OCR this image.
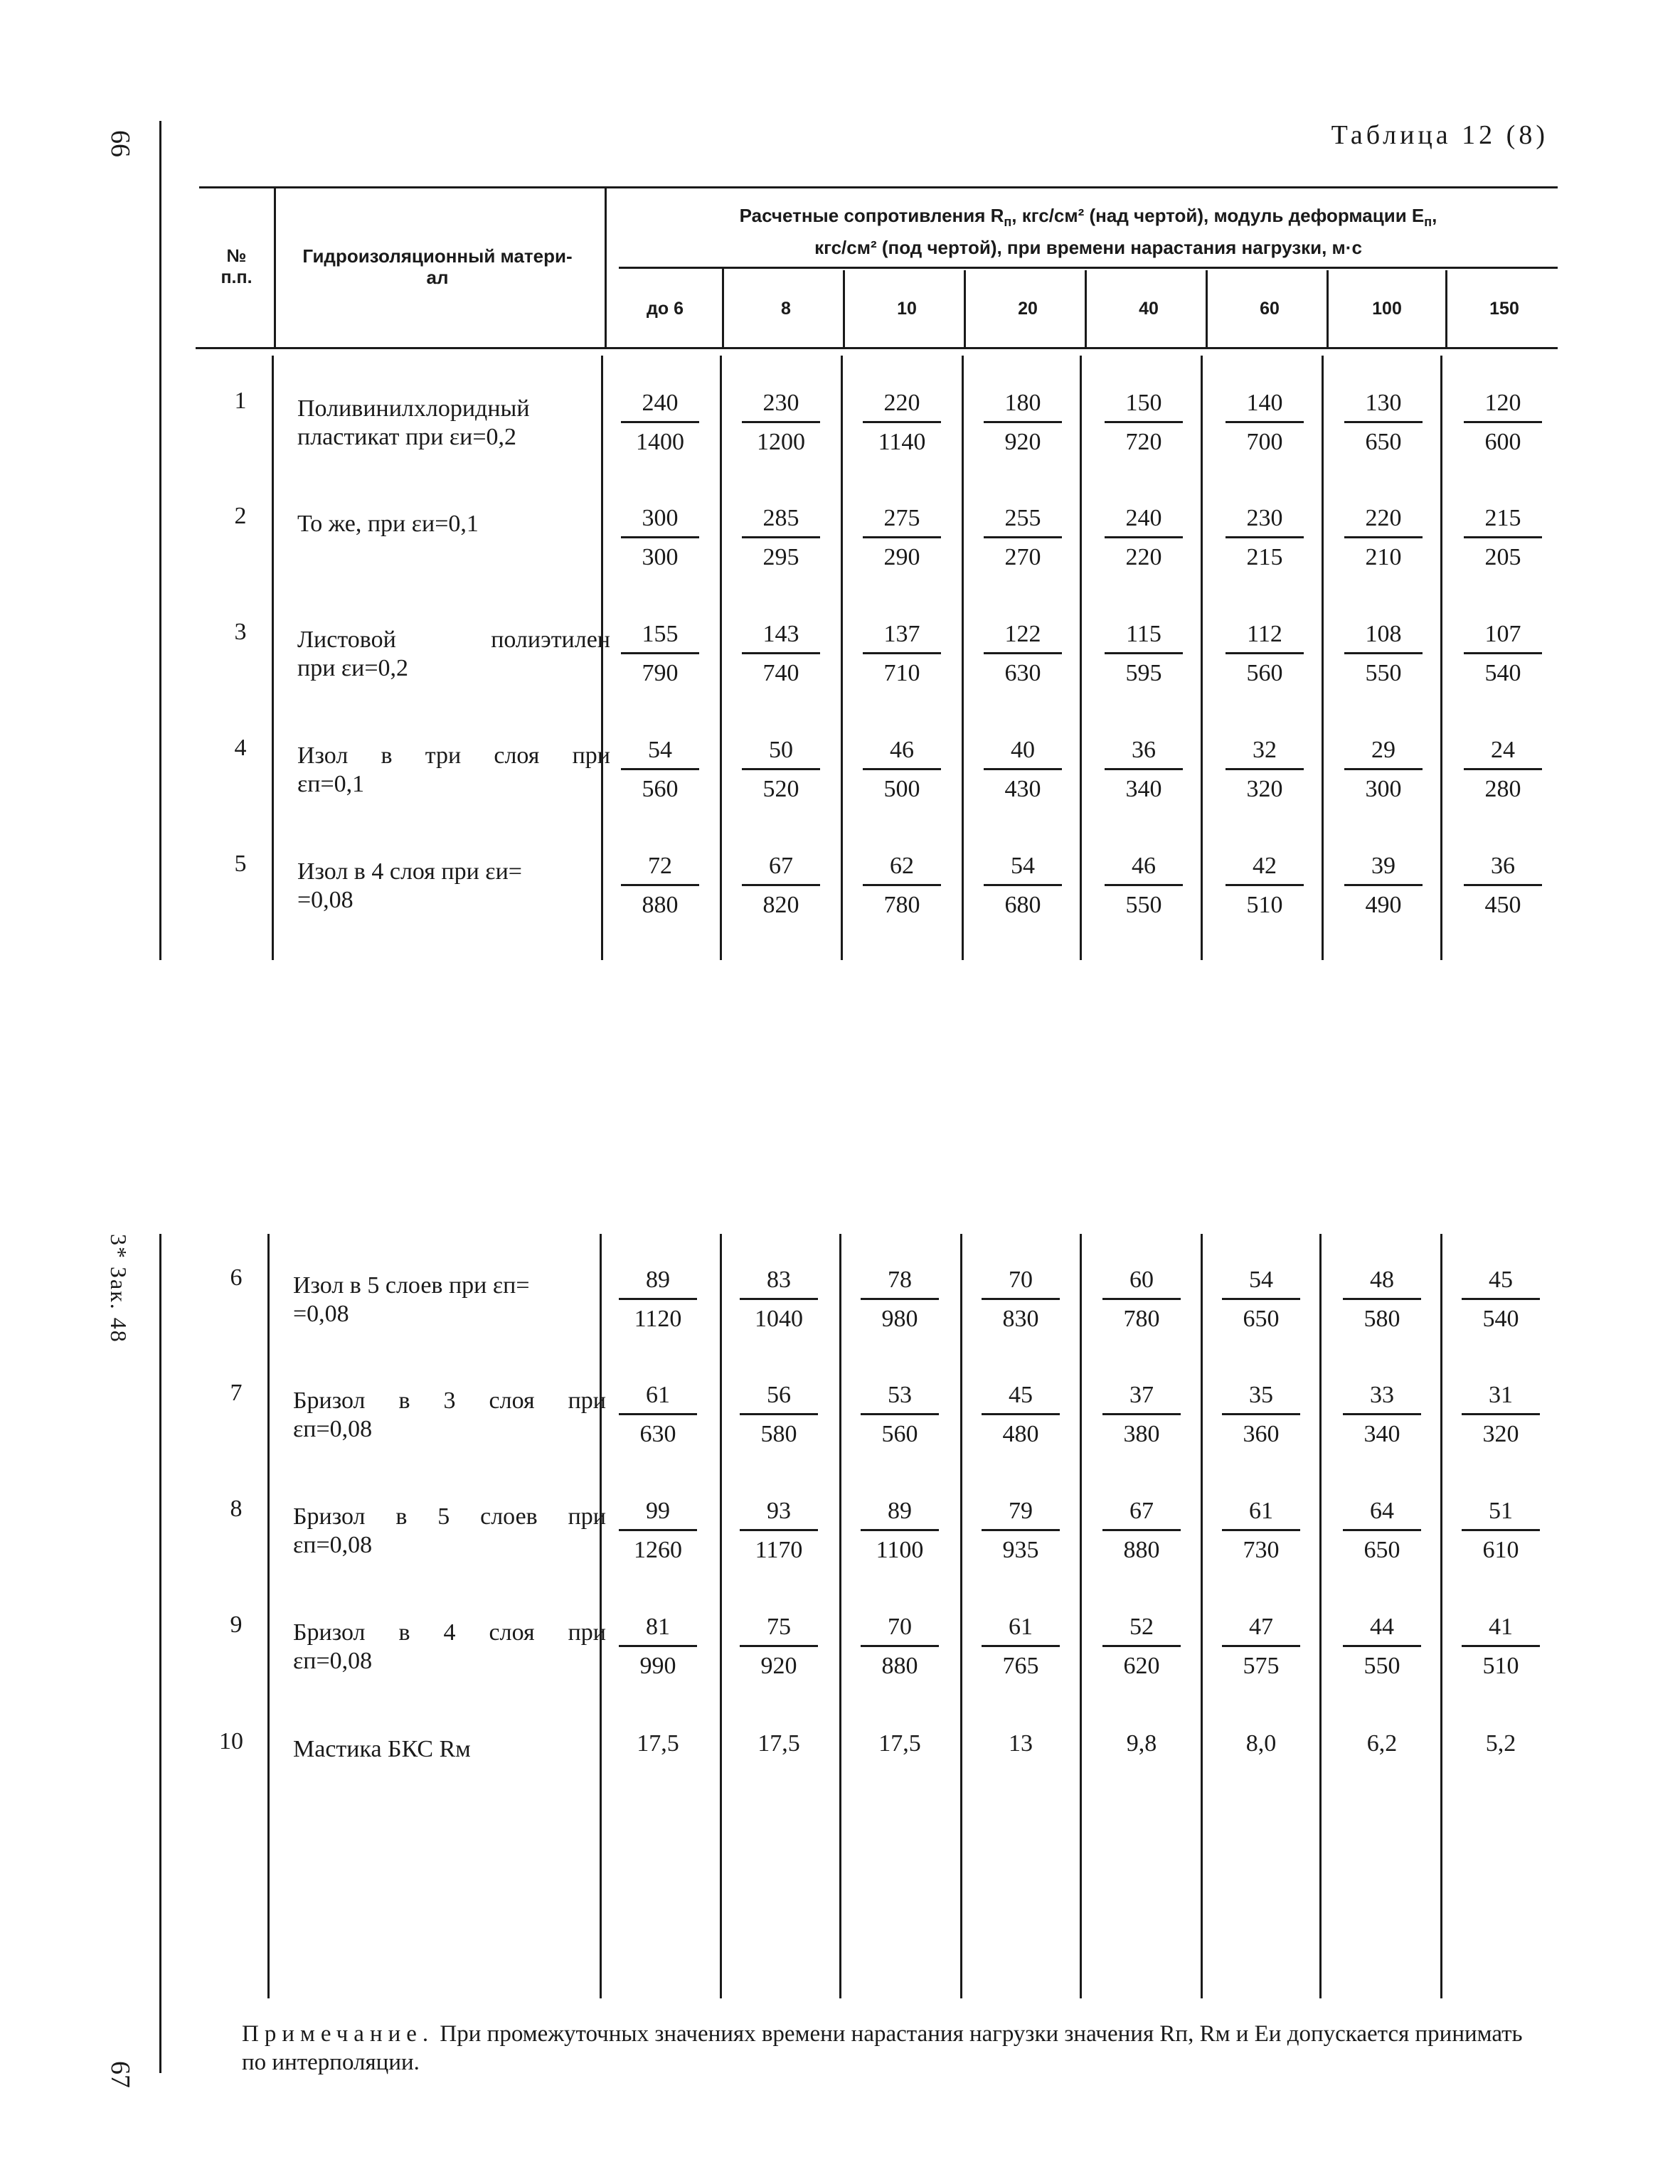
66
67
3* Зак. 48
Таблица 12 (8)
№
п.п.
Гидроизоляционный матери-
ал
Расчетные сопротивления $R_п$, кгс/см² (над чертой), модуль деформации $E_п$,
кгс/см² (под чертой), при времени нарастания нагрузки, м·с
до 6	8	10	20	40	60	100	150
1	Поливинилхлоридный
пластикат при εи=0,2	$\frac{240}{1400} \frac{230}{1200} \frac{220}{1140} \frac{180}{920} \frac{150}{720} \frac{140}{700} \frac{130}{650} \frac{120}{600}$
2	То же, при εи=0,1	$\frac{300}{300} \frac{285}{295} \frac{275}{290} \frac{255}{270} \frac{240}{220} \frac{230}{215} \frac{220}{210} \frac{215}{205}$
3	Листовой	полиэтилен
при εи=0,2	$\frac{155}{790} \frac{143}{740} \frac{137}{710} \frac{122}{630} \frac{115}{595} \frac{112}{560} \frac{108}{550} \frac{107}{540}$
4	Изол в три слоя при
εп=0,1	$\frac{54}{560} \frac{50}{520} \frac{46}{500} \frac{40}{430} \frac{36}{340} \frac{32}{320} \frac{29}{300} \frac{24}{280}$
5	Изол в 4 слоя при εи=
=0,08	$\frac{72}{880} \frac{67}{820} \frac{62}{780} \frac{54}{680} \frac{46}{550} \frac{42}{510} \frac{39}{490} \frac{36}{450}$
6	Изол в 5 слоев при εп=
=0,08	$\frac{89}{1120} \frac{83}{1040} \frac{78}{980} \frac{70}{830} \frac{60}{780} \frac{54}{650} \frac{48}{580} \frac{45}{540}$
7	Бризол в 3 слоя при
εп=0,08	$\frac{61}{630} \frac{56}{580} \frac{53}{560} \frac{45}{480} \frac{37}{380} \frac{35}{360} \frac{33}{340} \frac{31}{320}$
8	Бризол в 5 слоев при
εп=0,08	$\frac{99}{1260} \frac{93}{1170} \frac{89}{1100} \frac{79}{935} \frac{67}{880} \frac{61}{730} \frac{64}{650} \frac{51}{610}$
9	Бризол в 4 слоя при
εп=0,08	$\frac{81}{990} \frac{75}{920} \frac{70}{880} \frac{61}{765} \frac{52}{620} \frac{47}{575} \frac{44}{550} \frac{41}{510}$
10 Мастика БКС Rм	17,5	17,5	17,5	13	9,8	8,0	6,2	5,2
Примечание. При промежуточных значениях времени нарастания нагрузки значения Rп, Rм и Eи допускается принимать по интерполяции.
